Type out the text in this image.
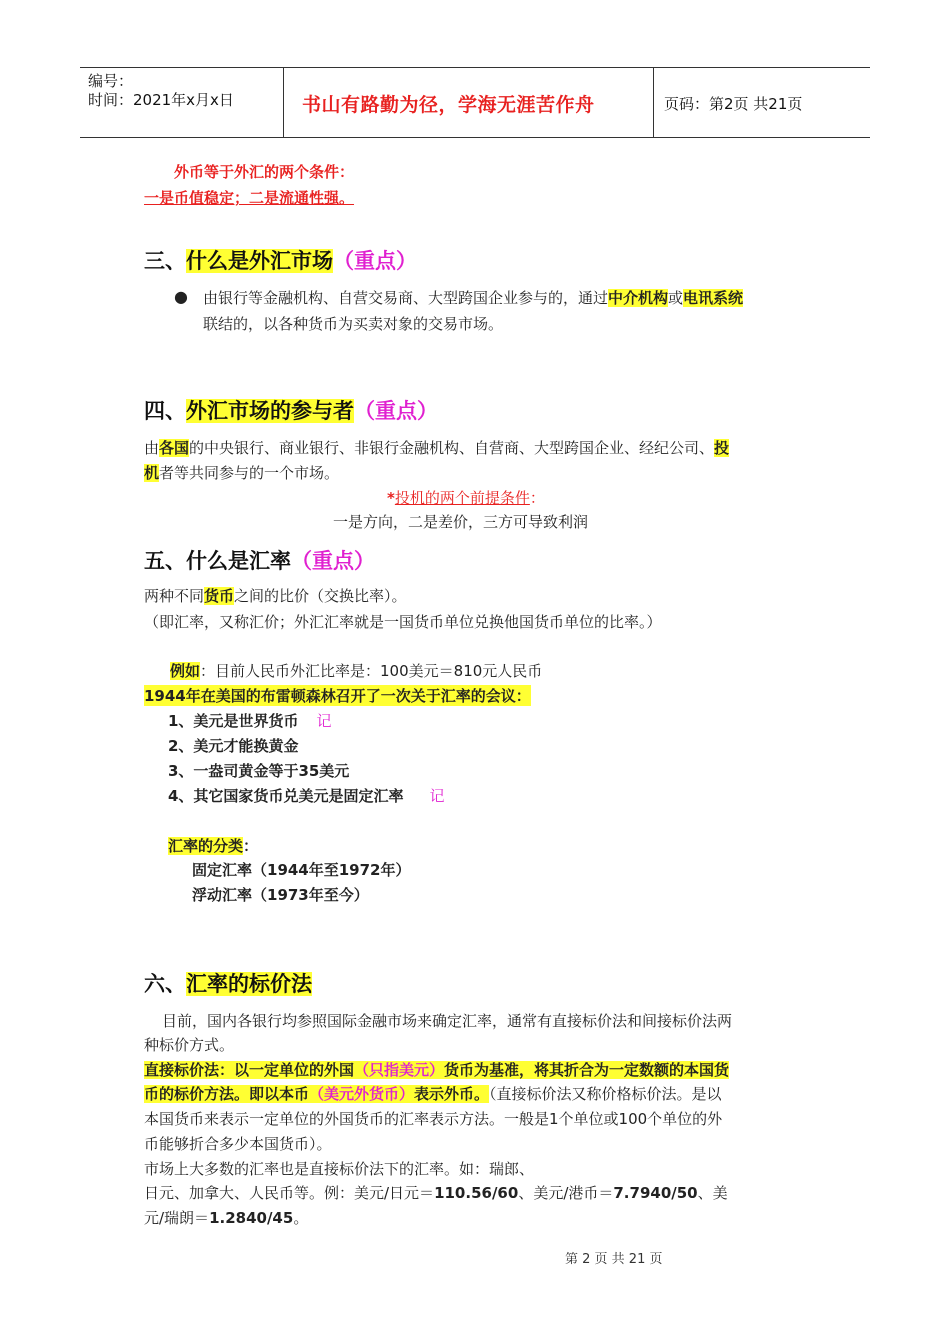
编号：
时间：2021年x月x日	书山有路勤为径，学海无涯苦作舟	页码：第2页 共21页
外币等于外汇的两个条件：
一是币值稳定；二是流通性强。
三、什么是外汇市场（重点）
● 由银行等金融机构、自营交易商、大型跨国企业参与的，通过中介机构或电讯系统
联结的，以各种货币为买卖对象的交易市场。
四、外汇市场的参与者（重点）
由各国的中央银行、商业银行、非银行金融机构、自营商、大型跨国企业、经纪公司、投
机者等共同参与的一个市场。
*投机的两个前提条件：
一是方向，二是差价，三方可导致利润
五、什么是汇率（重点）
两种不同货币之间的比价（交换比率）。
（即汇率，又称汇价；外汇汇率就是一国货币单位兑换他国货币单位的比率。）
例如：目前人民币外汇比率是：100美元＝810元人民币
1944年在美国的布雷顿森林召开了一次关于汇率的会议：
1、美元是世界货币 记
2、美元才能换黄金
3、一盎司黄金等于35美元
4、其它国家货币兑美元是固定汇率 记
汇率的分类：
固定汇率（1944年至1972年）
浮动汇率（1973年至今）
六、汇率的标价法
目前，国内各银行均参照国际金融市场来确定汇率，通常有直接标价法和间接标价法两
种标价方式。
直接标价法：以一定单位的外国（只指美元）货币为基准，将其折合为一定数额的本国货
币的标价方法。即以本币（美元外货币）表示外币。（直接标价法又称价格标价法。是以
本国货币来表示一定单位的外国货币的汇率表示方法。一般是1个单位或100个单位的外
币能够折合多少本国货币）。
市场上大多数的汇率也是直接标价法下的汇率。如：瑞郎、
日元、加拿大、人民币等。例：美元/日元＝110.56/60、美元/港币＝7.7940/50、美
元/瑞朗＝1.2840/45。
第 2 页 共 21 页
